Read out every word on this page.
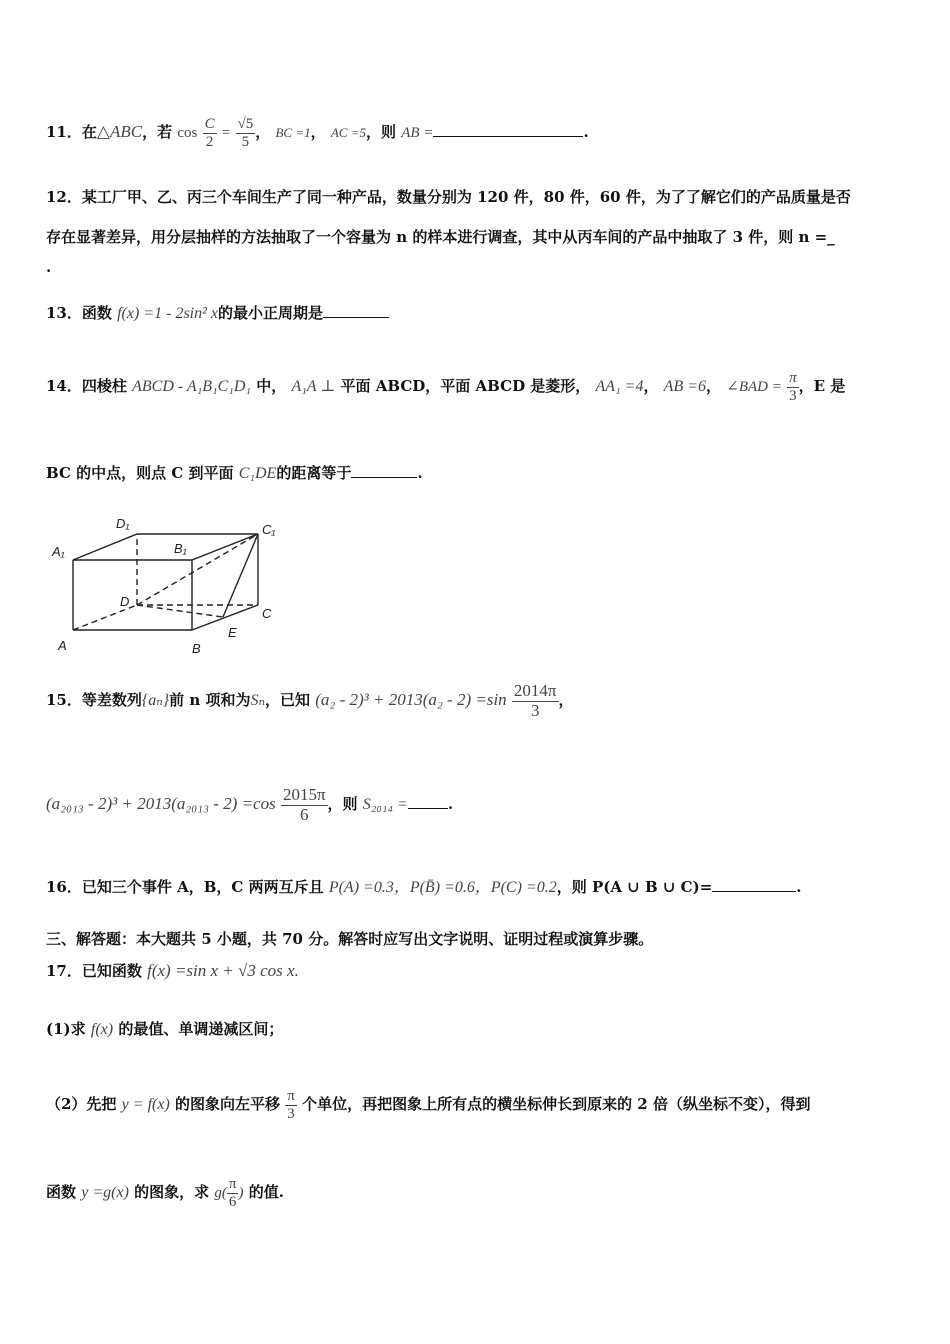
11．在△ABC，若 $\cos \frac{C}{2} = \frac{√5}{5}$ ， BC =1， AC =5，则 AB =	.
12．某工厂甲、乙、丙三个车间生产了同一种产品，数量分别为 120 件，80 件，60 件，为了了解它们的产品质量是否
存在显著差异，用分层抽样的方法抽取了一个容量为 n 的样本进行调查，其中从丙车间的产品中抽取了 3 件，则 n =_
.
13．函数 f(x) =1 - 2sin² x的最小正周期是
14．四棱柱 ABCD - A₁B₁C₁D₁ 中， A₁A ⊥ 平面 ABCD，平面 ABCD 是菱形， AA₁ =4， AB =6， ∠BAD = $\frac{\pi}{3}$ ，E 是
BC 的中点，则点 C 到平面 C₁DE的距离等于	.
A	B
C
D
E
A₁	B₁
C₁
D₁
15．等差数列{aₙ}前 n 项和为Sₙ，已知 $(a_2 - 2)^3 + 2013(a_2 - 2) =\sin \frac{2014\pi}{3}$ ，
$(a_{2013} - 2)^3 + 2013(a_{2013} - 2) =\cos \frac{2015\pi}{6}$ ，则 S₂₀₁₄ =	.
16．已知三个事件 A，B，C 两两互斥且 P(A) =0.3，P(B̄) =0.6，P(C) =0.2，则 P(A ∪ B ∪ C)=	.
三、解答题：本大题共 5 小题，共 70 分。解答时应写出文字说明、证明过程或演算步骤。
17．已知函数 f(x) =sin x + √3 cos x.
(1)求 f(x) 的最值、单调递减区间；
（2）先把 y = f(x) 的图象向左平移 $\frac{\pi}{3}$ 个单位，再把图象上所有点的横坐标伸长到原来的 2 倍（纵坐标不变），得到
函数 y =g(x) 的图象，求 $g( \frac{\pi}{6}$ ) 的值.
